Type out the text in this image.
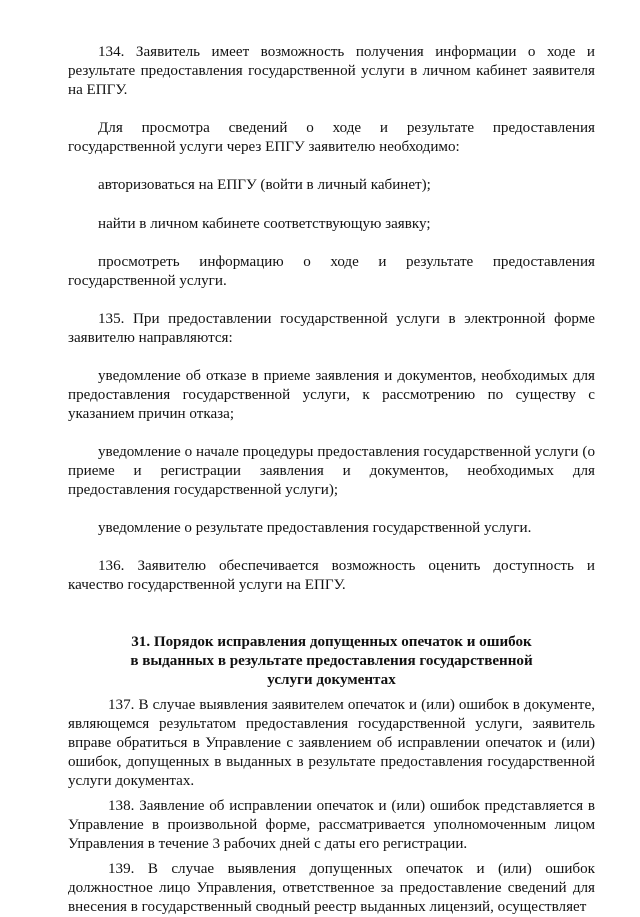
134. Заявитель имеет возможность получения информации о ходе и результате предоставления государственной услуги в личном кабинет заявителя на ЕПГУ.

Для просмотра сведений о ходе и результате предоставления государственной услуги через ЕПГУ заявителю необходимо:

авторизоваться на ЕПГУ (войти в личный кабинет);

найти в личном кабинете соответствующую заявку;

просмотреть информацию о ходе и результате предоставления государственной услуги.

135. При предоставлении государственной услуги в электронной форме заявителю направляются:

уведомление об отказе в приеме заявления и документов, необходимых для предоставления государственной услуги, к рассмотрению по существу с указанием причин отказа;

уведомление о начале процедуры предоставления государственной услуги (о приеме и регистрации заявления и документов, необходимых для предоставления государственной услуги);

уведомление о результате предоставления государственной услуги.

136. Заявителю обеспечивается возможность оценить доступность и качество государственной услуги на ЕПГУ.

31. Порядок исправления допущенных опечаток и ошибок
в выданных в результате предоставления государственной
услуги документах

137. В случае выявления заявителем опечаток и (или) ошибок в документе, являющемся результатом предоставления государственной услуги, заявитель вправе обратиться в Управление с заявлением об исправлении опечаток и (или) ошибок, допущенных в выданных в результате предоставления государственной услуги документах.

138. Заявление об исправлении опечаток и (или) ошибок представляется в Управление в произвольной форме, рассматривается уполномоченным лицом Управления в течение 3 рабочих дней с даты его регистрации.

139. В случае выявления допущенных опечаток и (или) ошибок должностное лицо Управления, ответственное за предоставление сведений для внесения в государственный сводный реестр выданных лицензий, осуществляет
